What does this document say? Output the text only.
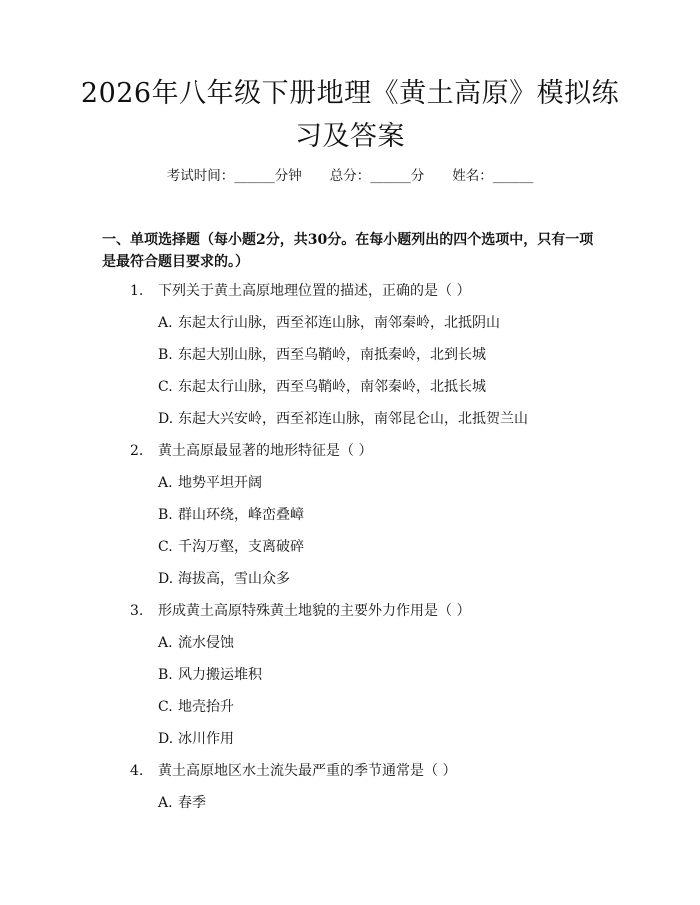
2026年八年级下册地理《黄土高原》模拟练习及答案
考试时间：______分钟 总分：______分 姓名：______
一、单项选择题（每小题2分，共30分。在每小题列出的四个选项中，只有一项是最符合题目要求的。）
1. 下列关于黄土高原地理位置的描述，正确的是（ ）
A. 东起太行山脉，西至祁连山脉，南邻秦岭，北抵阴山
B. 东起大别山脉，西至乌鞘岭，南抵秦岭，北到长城
C. 东起太行山脉，西至乌鞘岭，南邻秦岭，北抵长城
D. 东起大兴安岭，西至祁连山脉，南邻昆仑山，北抵贺兰山
2. 黄土高原最显著的地形特征是（ ）
A. 地势平坦开阔
B. 群山环绕，峰峦叠嶂
C. 千沟万壑，支离破碎
D. 海拔高，雪山众多
3. 形成黄土高原特殊黄土地貌的主要外力作用是（ ）
A. 流水侵蚀
B. 风力搬运堆积
C. 地壳抬升
D. 冰川作用
4. 黄土高原地区水土流失最严重的季节通常是（ ）
A. 春季
